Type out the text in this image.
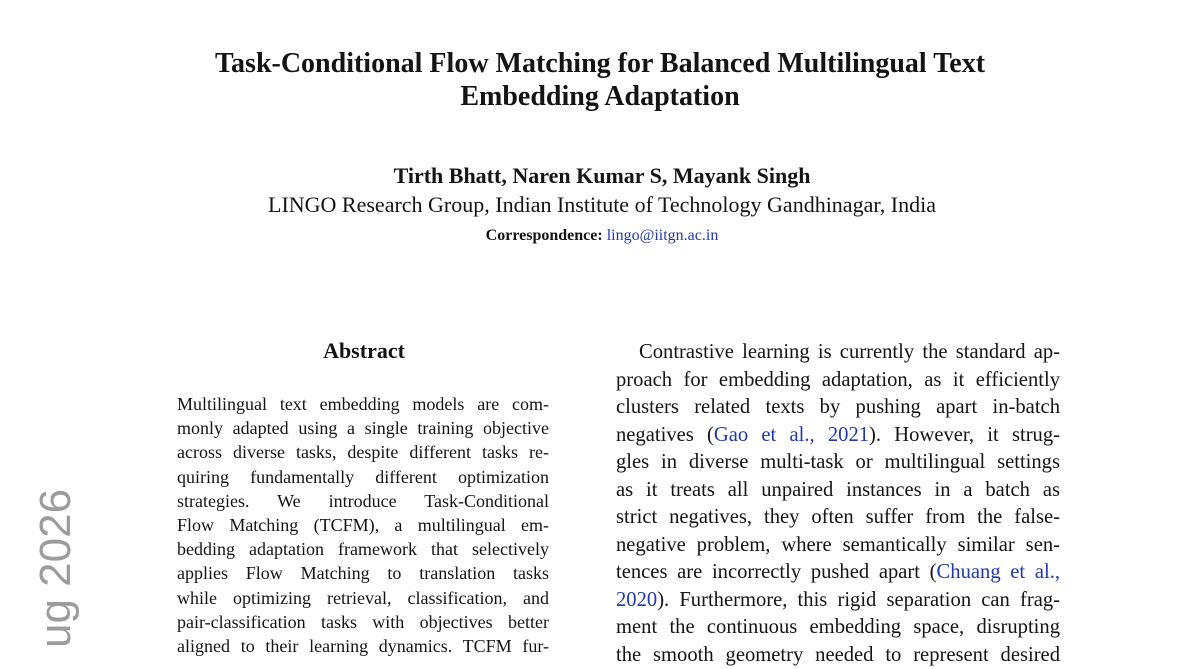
Task-Conditional Flow Matching for Balanced Multilingual Text
Embedding Adaptation
Tirth Bhatt, Naren Kumar S, Mayank Singh
LINGO Research Group, Indian Institute of Technology Gandhinagar, India
Correspondence: lingo@iitgn.ac.in
Abstract
Multilingual text embedding models are com-
monly adapted using a single training objective
across diverse tasks, despite different tasks re-
quiring fundamentally different optimization
strategies. We introduce Task-Conditional
Flow Matching (TCFM), a multilingual em-
bedding adaptation framework that selectively
applies Flow Matching to translation tasks
while optimizing retrieval, classification, and
pair-classification tasks with objectives better
aligned to their learning dynamics. TCFM fur-
Contrastive learning is currently the standard ap-
proach for embedding adaptation, as it efficiently
clusters related texts by pushing apart in-batch
negatives (Gao et al., 2021). However, it strug-
gles in diverse multi-task or multilingual settings
as it treats all unpaired instances in a batch as
strict negatives, they often suffer from the false-
negative problem, where semantically similar sen-
tences are incorrectly pushed apart (Chuang et al.,
2020). Furthermore, this rigid separation can frag-
ment the continuous embedding space, disrupting
the smooth geometry needed to represent desired
ug 2026
